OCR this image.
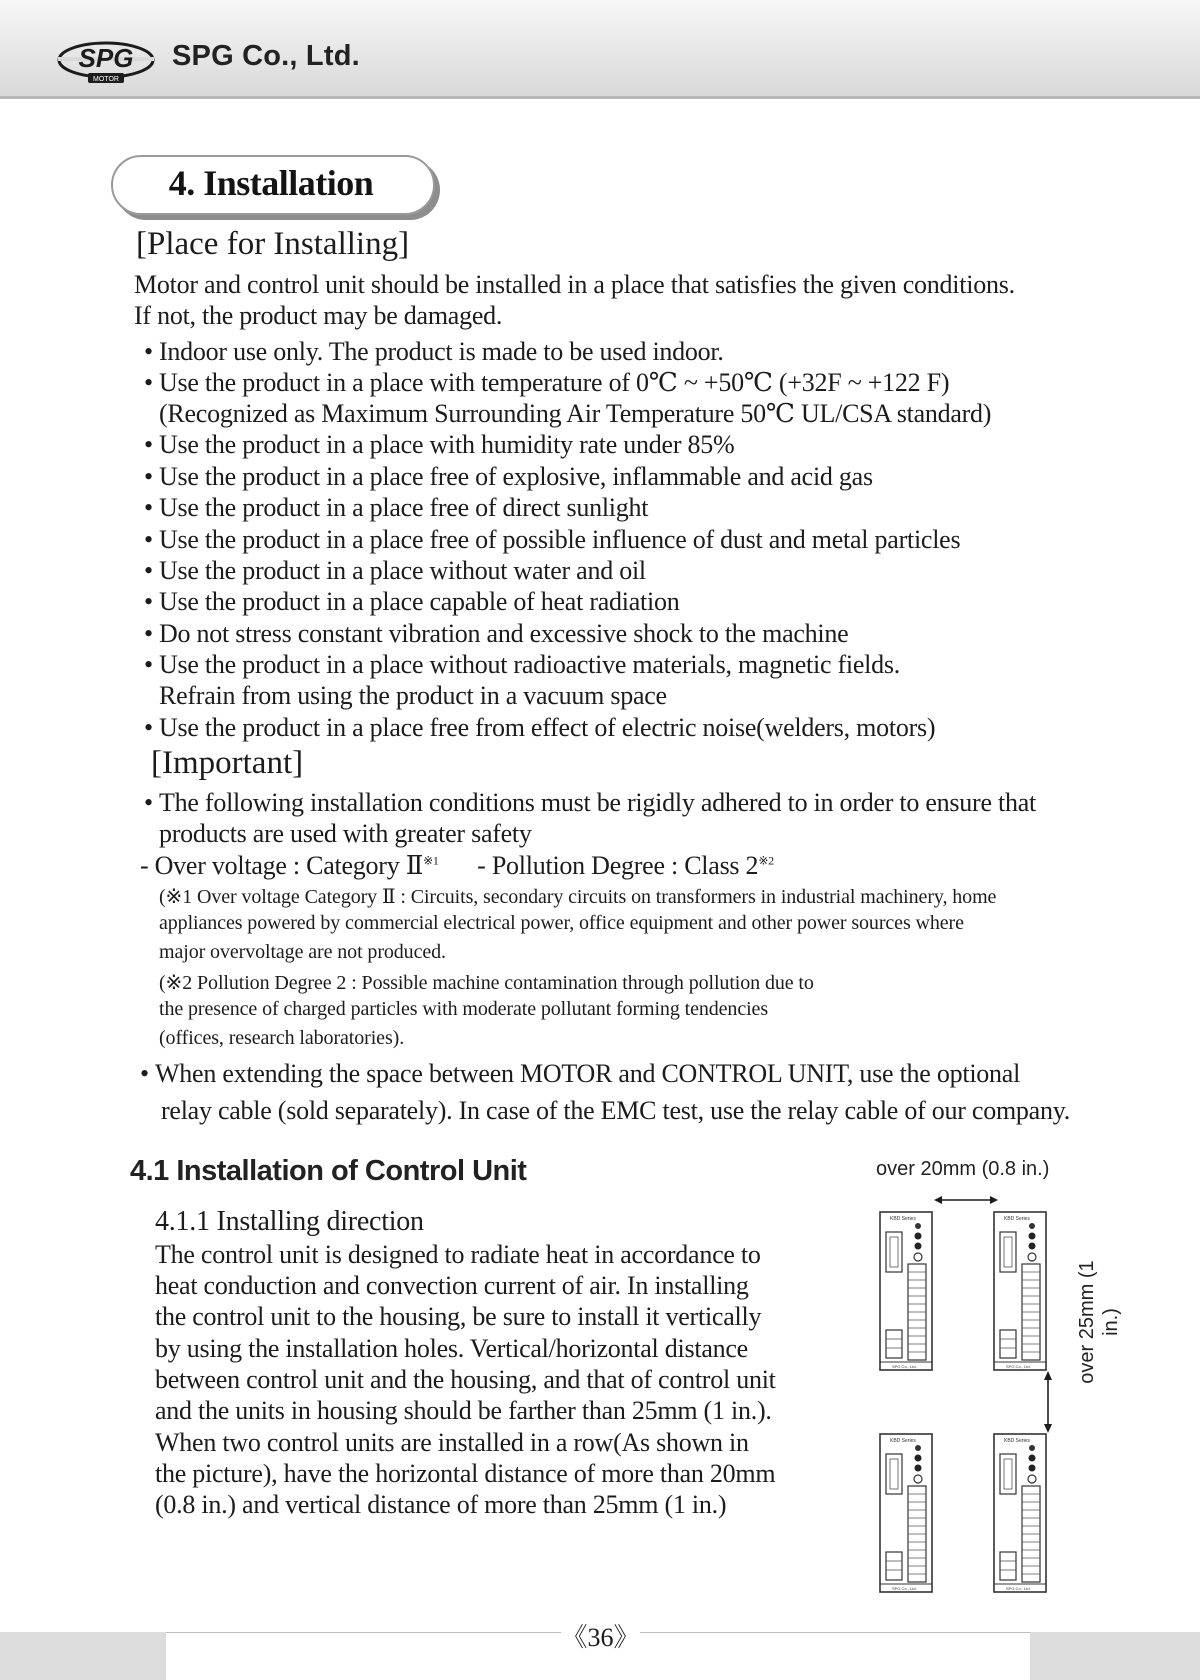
SPG
MOTOR
SPG Co., Ltd.
4. Installation
[Place for Installing]
Motor and control unit should be installed in a place that satisfies the given conditions.
If not, the product may be damaged.
• Indoor use only. The product is made to be used indoor.
• Use the product in a place with temperature of 0℃ ~ +50℃ (+32F ~ +122 F)
(Recognized as Maximum Surrounding Air Temperature 50℃ UL/CSA standard)
• Use the product in a place with humidity rate under 85%
• Use the product in a place free of explosive, inflammable and acid gas
• Use the product in a place free of direct sunlight
• Use the product in a place free of possible influence of dust and metal particles
• Use the product in a place without water and oil
• Use the product in a place capable of heat radiation
• Do not stress constant vibration and excessive shock to the machine
• Use the product in a place without radioactive materials, magnetic fields.
Refrain from using the product in a vacuum space
• Use the product in a place free from effect of electric noise(welders, motors)
[Important]
• The following installation conditions must be rigidly adhered to in order to ensure that
products are used with greater safety
- Over voltage : Category Ⅱ$^{※1}$ - Pollution Degree : Class 2$^{※2}$
(※1 Over voltage Category Ⅱ : Circuits, secondary circuits on transformers in industrial machinery, home
appliances powered by commercial electrical power, office equipment and other power sources where
major overvoltage are not produced.
(※2 Pollution Degree 2 : Possible machine contamination through pollution due to
the presence of charged particles with moderate pollutant forming tendencies
(offices, research laboratories).
• When extending the space between MOTOR and CONTROL UNIT, use the optional
relay cable (sold separately). In case of the EMC test, use the relay cable of our company.
4.1 Installation of Control Unit
4.1.1 Installing direction
The control unit is designed to radiate heat in accordance to
heat conduction and convection current of air. In installing
the control unit to the housing, be sure to install it vertically
by using the installation holes. Vertical/horizontal distance
between control unit and the housing, and that of control unit
and the units in housing should be farther than 25mm (1 in.).
When two control units are installed in a row(As shown in
the picture), have the horizontal distance of more than 20mm
(0.8 in.) and vertical distance of more than 25mm (1 in.)
over 20mm (0.8 in.)
KBD Series
SPG Co., Ltd.
KBD Series
SPG Co., Ltd.
KBD Series
SPG Co., Ltd.
KBD Series
SPG Co., Ltd.
over 25mm (1 in.)
《36》
